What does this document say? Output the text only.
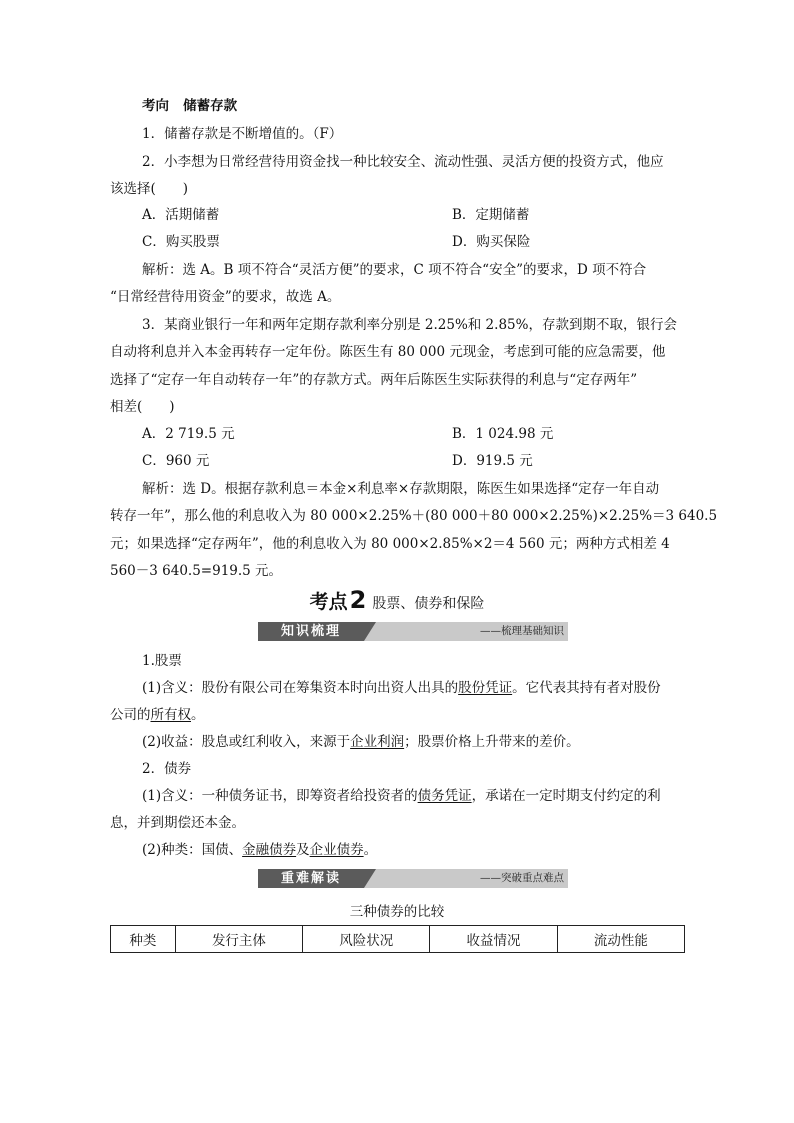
考向 储蓄存款
1．储蓄存款是不断增值的。（F）
2．小李想为日常经营待用资金找一种比较安全、流动性强、灵活方便的投资方式，他应
该选择(　　)
A．活期储蓄	B．定期储蓄
C．购买股票	D．购买保险
解析：选 A。B 项不符合“灵活方便”的要求，C 项不符合“安全”的要求，D 项不符合
“日常经营待用资金”的要求，故选 A。
3．某商业银行一年和两年定期存款利率分别是 2.25%和 2.85%，存款到期不取，银行会
自动将利息并入本金再转存一定年份。陈医生有 80 000 元现金，考虑到可能的应急需要，他
选择了“定存一年自动转存一年”的存款方式。两年后陈医生实际获得的利息与“定存两年”
相差(　　)
A．2 719.5 元	B．1 024.98 元
C．960 元	D．919.5 元
解析：选 D。根据存款利息＝本金×利息率×存款期限，陈医生如果选择“定存一年自动
转存一年”，那么他的利息收入为 80 000×2.25%＋(80 000＋80 000×2.25%)×2.25%＝3 640.5
元；如果选择“定存两年”，他的利息收入为 80 000×2.85%×2＝4 560 元；两种方式相差 4
560－3 640.5=919.5 元。
考点2 股票、债券和保险
知识梳理	——梳理基础知识
1.股票
(1)含义：股份有限公司在筹集资本时向出资人出具的股份凭证。它代表其持有者对股份
公司的所有权。
(2)收益：股息或红利收入，来源于企业利润；股票价格上升带来的差价。
2．债券
(1)含义：一种债务证书，即筹资者给投资者的债务凭证，承诺在一定时期支付约定的利
息，并到期偿还本金。
(2)种类：国债、金融债券及企业债券。
重难解读	——突破重点难点
三种债券的比较
种类	发行主体	风险状况	收益情况	流动性能
